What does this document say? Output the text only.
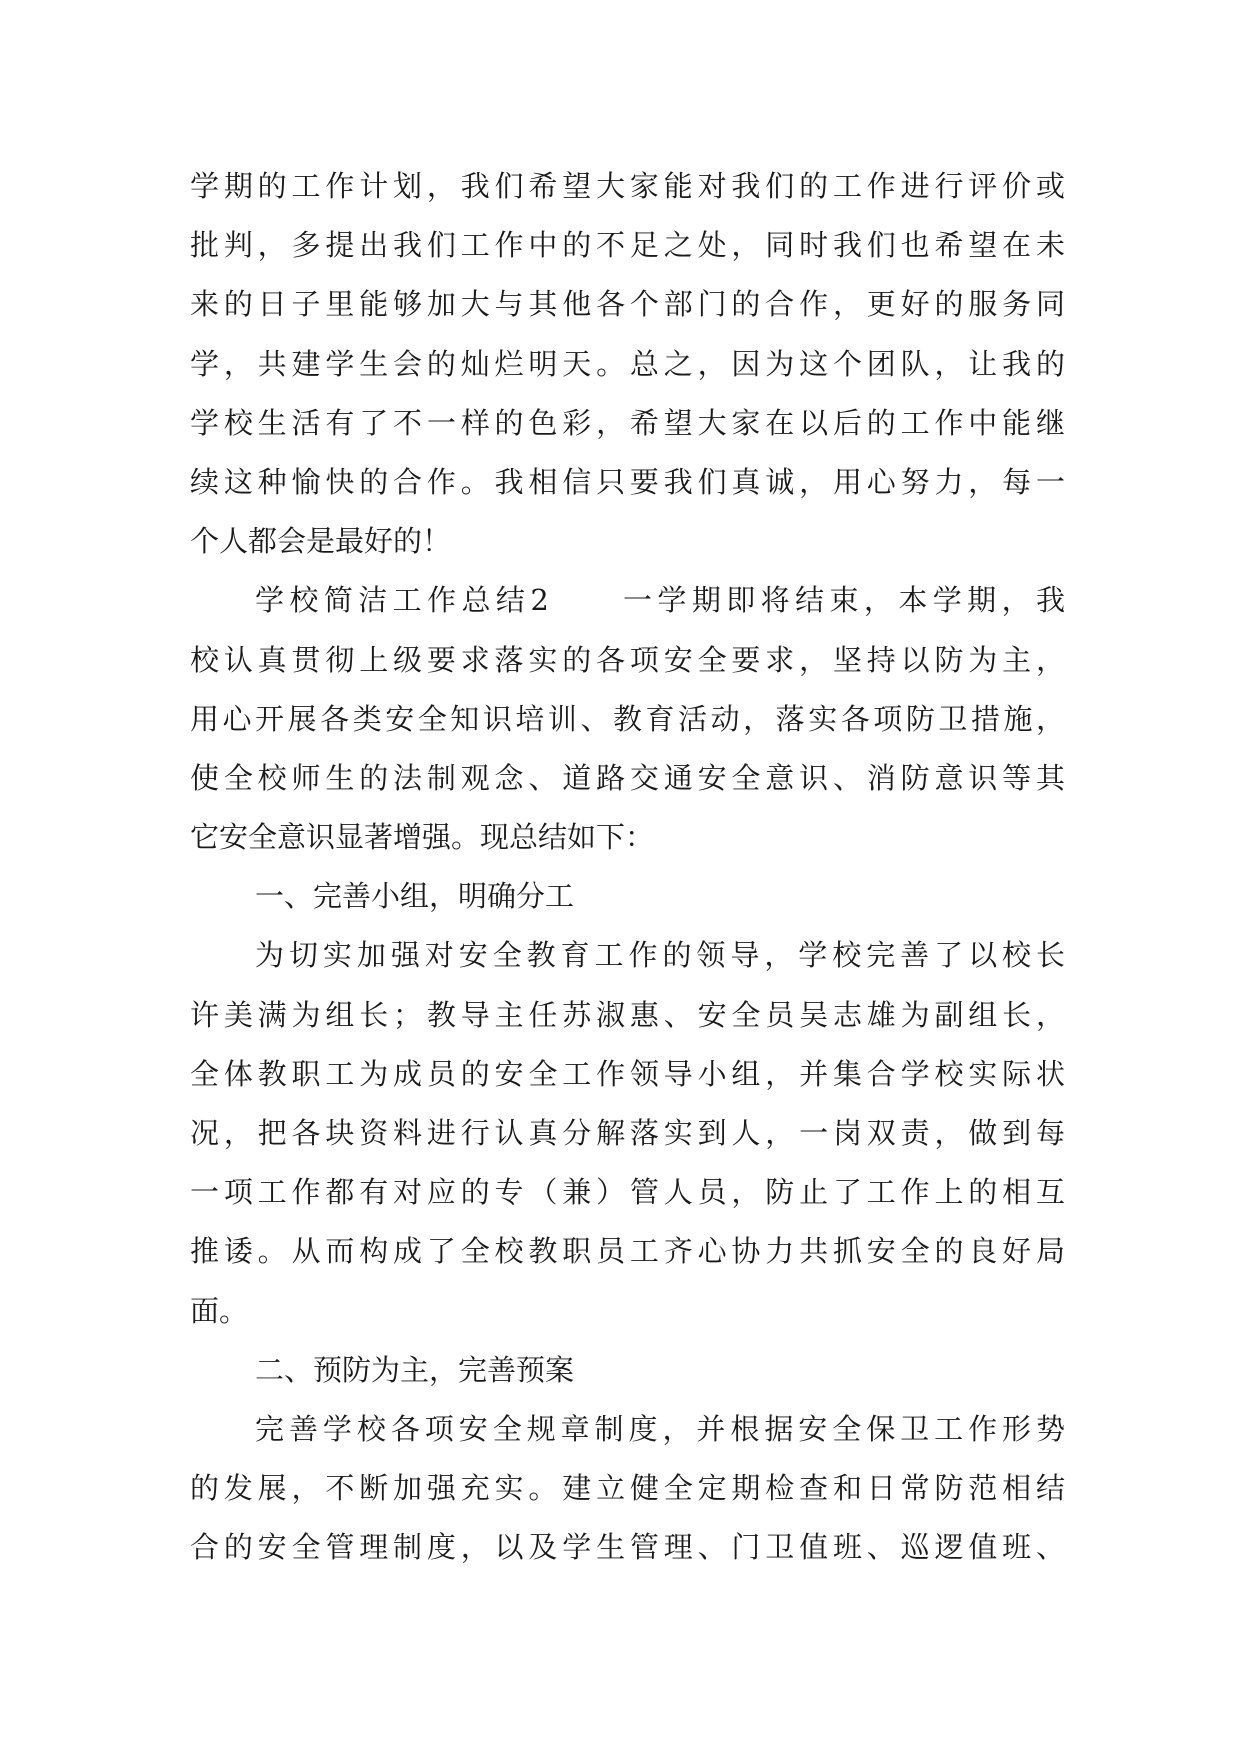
学期的工作计划，我们希望大家能对我们的工作进行评价或
批判，多提出我们工作中的不足之处，同时我们也希望在未
来的日子里能够加大与其他各个部门的合作，更好的服务同
学，共建学生会的灿烂明天。总之，因为这个团队，让我的
学校生活有了不一样的色彩，希望大家在以后的工作中能继
续这种愉快的合作。我相信只要我们真诚，用心努力，每一
个人都会是最好的！
学校简洁工作总结2　　一学期即将结束，本学期，我
校认真贯彻上级要求落实的各项安全要求，坚持以防为主，
用心开展各类安全知识培训、教育活动，落实各项防卫措施，
使全校师生的法制观念、道路交通安全意识、消防意识等其
它安全意识显著增强。现总结如下：
一、完善小组，明确分工
为切实加强对安全教育工作的领导，学校完善了以校长
许美满为组长；教导主任苏淑惠、安全员吴志雄为副组长，
全体教职工为成员的安全工作领导小组，并集合学校实际状
况，把各块资料进行认真分解落实到人，一岗双责，做到每
一项工作都有对应的专（兼）管人员，防止了工作上的相互
推诿。从而构成了全校教职员工齐心协力共抓安全的良好局
面。
二、预防为主，完善预案
完善学校各项安全规章制度，并根据安全保卫工作形势
的发展，不断加强充实。建立健全定期检查和日常防范相结
合的安全管理制度，以及学生管理、门卫值班、巡逻值班、
